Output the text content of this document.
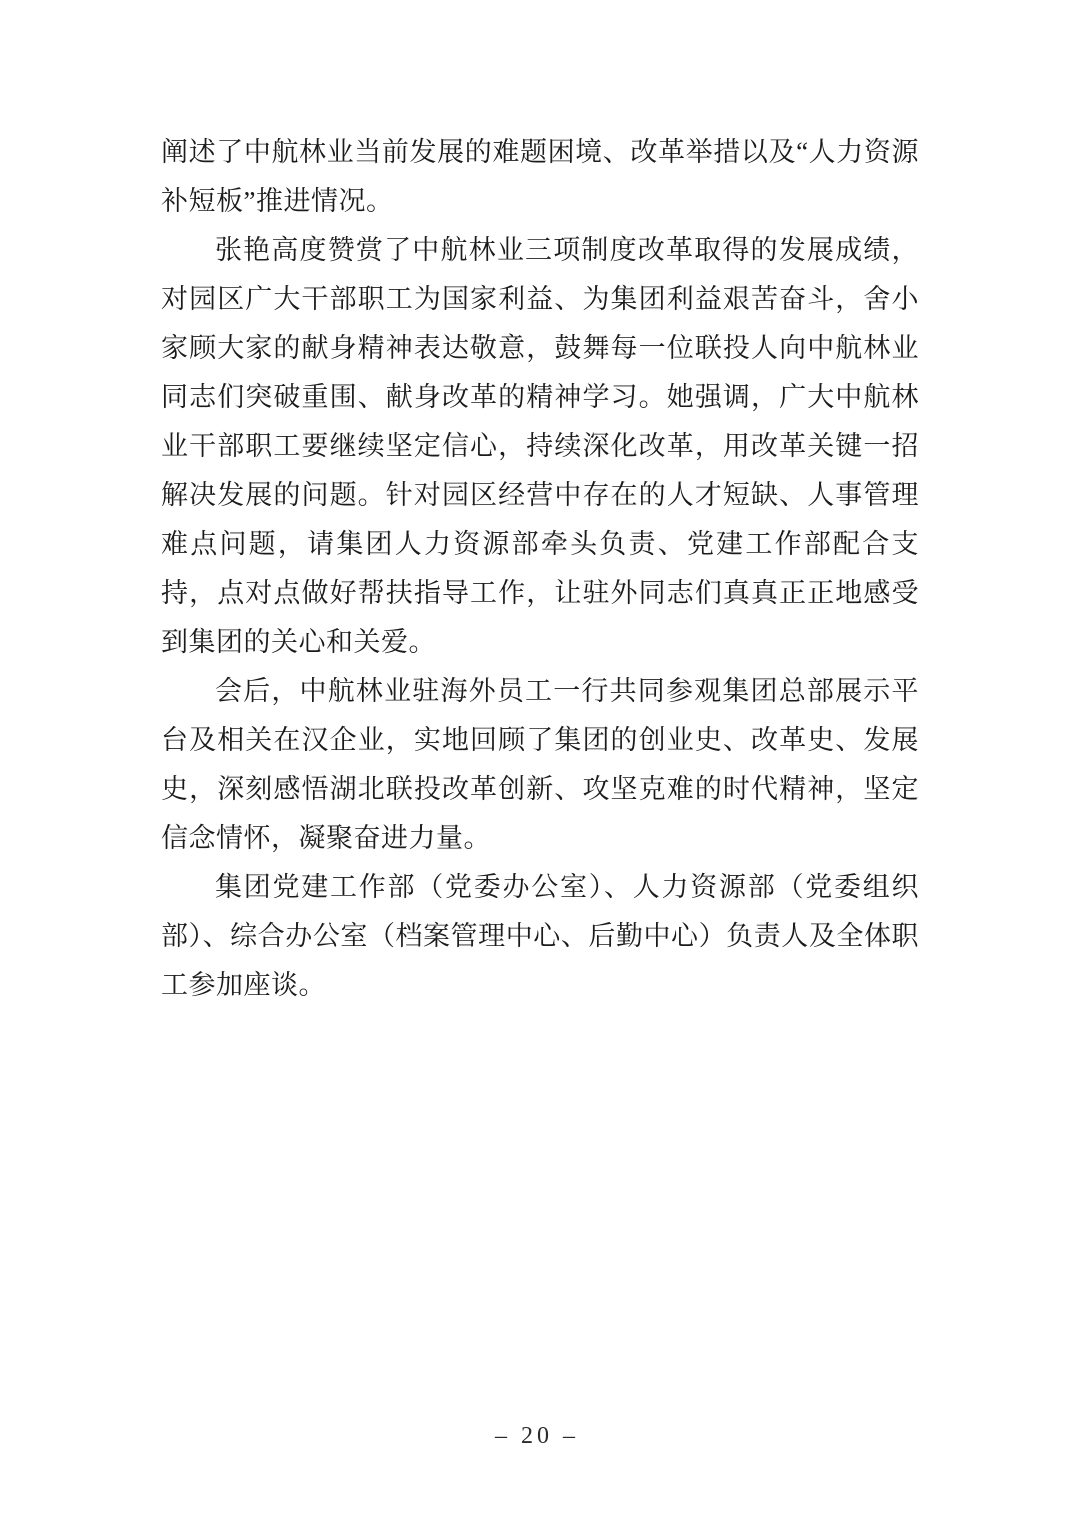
阐述了中航林业当前发展的难题困境、改革举措以及“人力资源补短板”推进情况。

张艳高度赞赏了中航林业三项制度改革取得的发展成绩，对园区广大干部职工为国家利益、为集团利益艰苦奋斗，舍小家顾大家的献身精神表达敬意，鼓舞每一位联投人向中航林业同志们突破重围、献身改革的精神学习。她强调，广大中航林业干部职工要继续坚定信心，持续深化改革，用改革关键一招解决发展的问题。针对园区经营中存在的人才短缺、人事管理难点问题，请集团人力资源部牵头负责、党建工作部配合支持，点对点做好帮扶指导工作，让驻外同志们真真正正地感受到集团的关心和关爱。

会后，中航林业驻海外员工一行共同参观集团总部展示平台及相关在汉企业，实地回顾了集团的创业史、改革史、发展史，深刻感悟湖北联投改革创新、攻坚克难的时代精神，坚定信念情怀，凝聚奋进力量。

集团党建工作部（党委办公室）、人力资源部（党委组织部）、综合办公室（档案管理中心、后勤中心）负责人及全体职工参加座谈。

– 20 –
